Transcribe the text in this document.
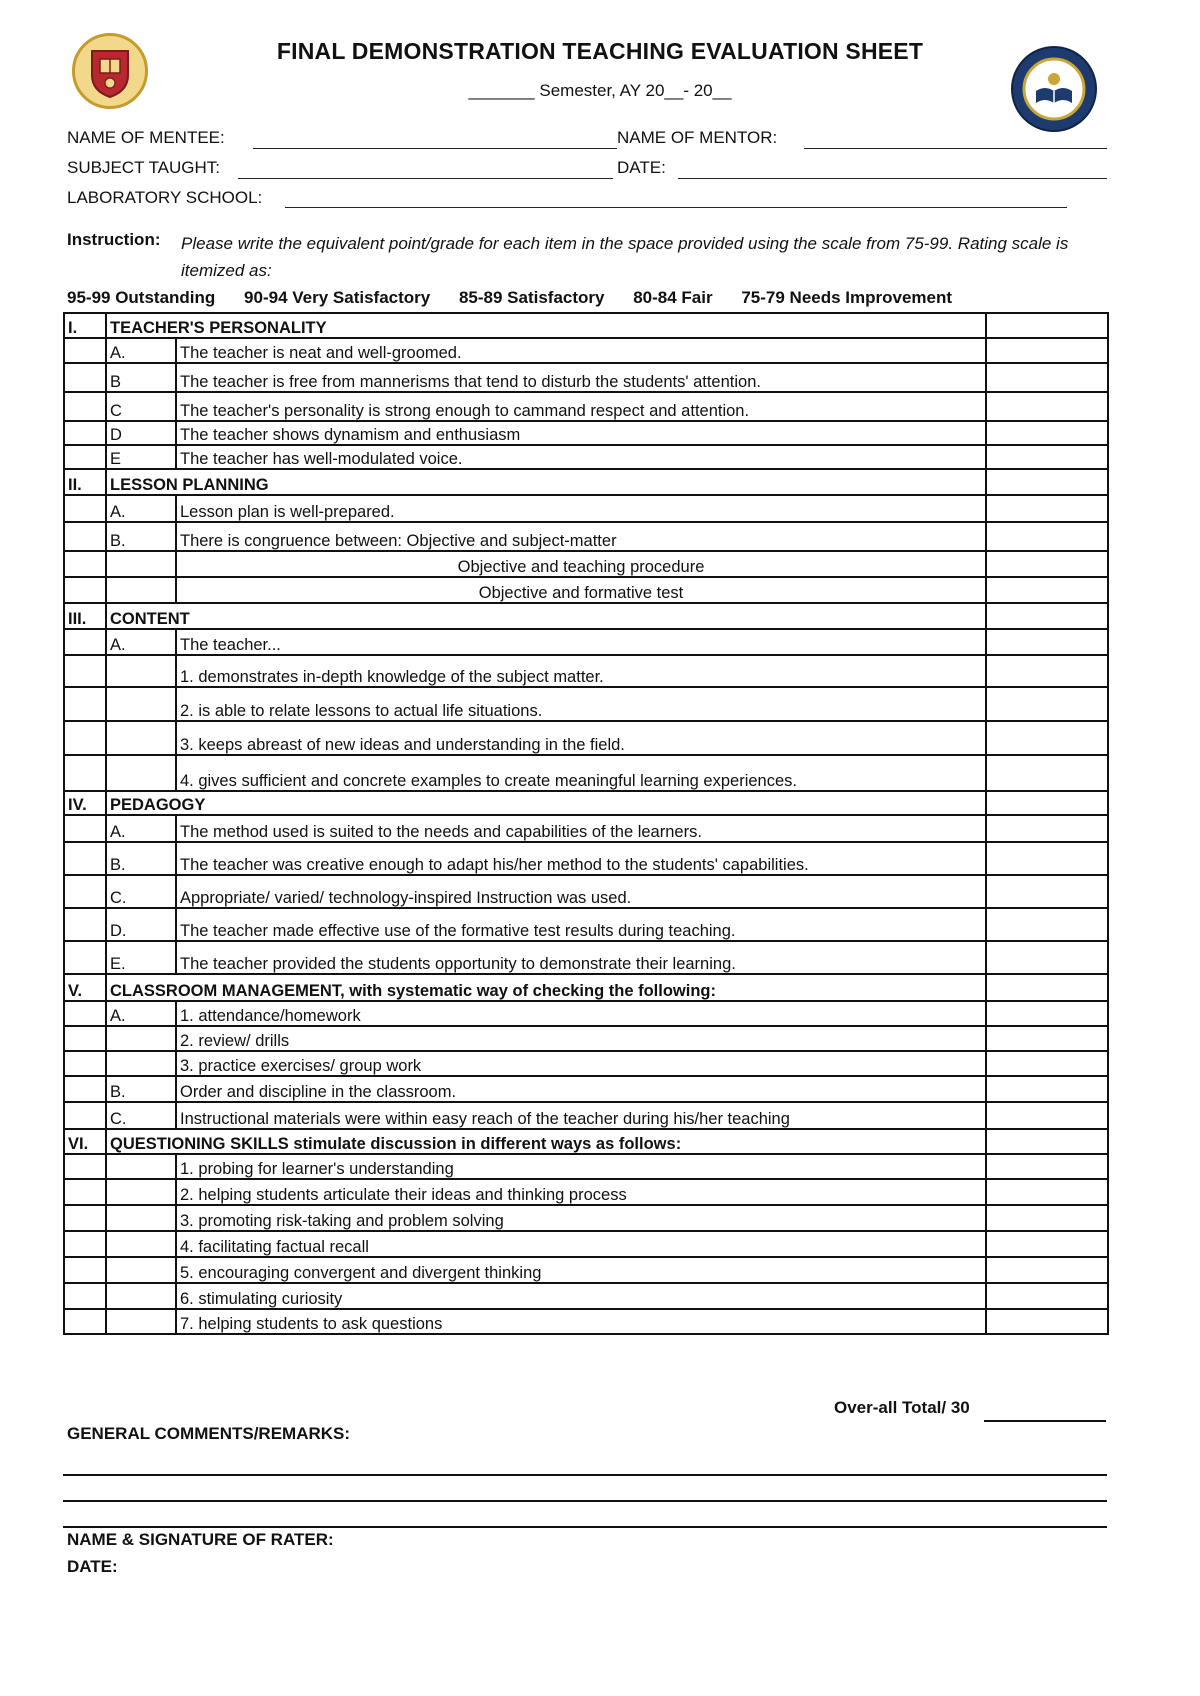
FINAL DEMONSTRATION TEACHING EVALUATION SHEET
_______ Semester, AY 20__- 20__
NAME OF MENTEE:	NAME OF MENTOR:
SUBJECT TAUGHT:	DATE:
LABORATORY SCHOOL:
Instruction: Please write the equivalent point/grade for each item in the space provided using the scale from 75-99. Rating scale is itemized as:
95-99 Outstanding 90-94 Very Satisfactory 85-89 Satisfactory 80-84 Fair 75-79 Needs Improvement
I.	TEACHER'S PERSONALITY		
	A.	The teacher is neat and well-groomed.	
	B	The teacher is free from mannerisms that tend to disturb the students' attention.	
	C	The teacher's personality is strong enough to cammand respect and attention.	
	D	The teacher shows dynamism and enthusiasm	
	E	The teacher has well-modulated voice.	
II.	LESSON PLANNING		
	A.	Lesson plan is well-prepared.	
	B.	There is congruence between: Objective and subject-matter	
		Objective and teaching procedure	
		Objective and formative test	
III.	CONTENT		
	A.	The teacher...	
		1. demonstrates in-depth knowledge of the subject matter.	
		2. is able to relate lessons to actual life situations.	
		3. keeps abreast of new ideas and understanding in the field.	
		4. gives sufficient and concrete examples to create meaningful learning experiences.	
IV.	PEDAGOGY		
	A.	The method used is suited to the needs and capabilities of the learners.	
	B.	The teacher was creative enough to adapt his/her method to the students' capabilities.	
	C.	Appropriate/ varied/ technology-inspired Instruction was used.	
	D.	The teacher made effective use of the formative test results during teaching.	
	E.	The teacher provided the students opportunity to demonstrate their learning.	
V.	CLASSROOM MANAGEMENT, with systematic way of checking the following:		
	A.	1. attendance/homework	
		2. review/ drills	
		3. practice exercises/ group work	
	B.	Order and discipline in the classroom.	
	C.	Instructional materials were within easy reach of the teacher during his/her teaching	
VI.	QUESTIONING SKILLS stimulate discussion in different ways as follows:		
		1. probing for learner's understanding	
		2. helping students articulate their ideas and thinking process	
		3. promoting risk-taking and problem solving	
		4. facilitating factual recall	
		5. encouraging convergent and divergent thinking	
		6. stimulating curiosity	
		7. helping students to ask questions	
Over-all Total/ 30
GENERAL COMMENTS/REMARKS:
NAME & SIGNATURE OF RATER:
DATE:
